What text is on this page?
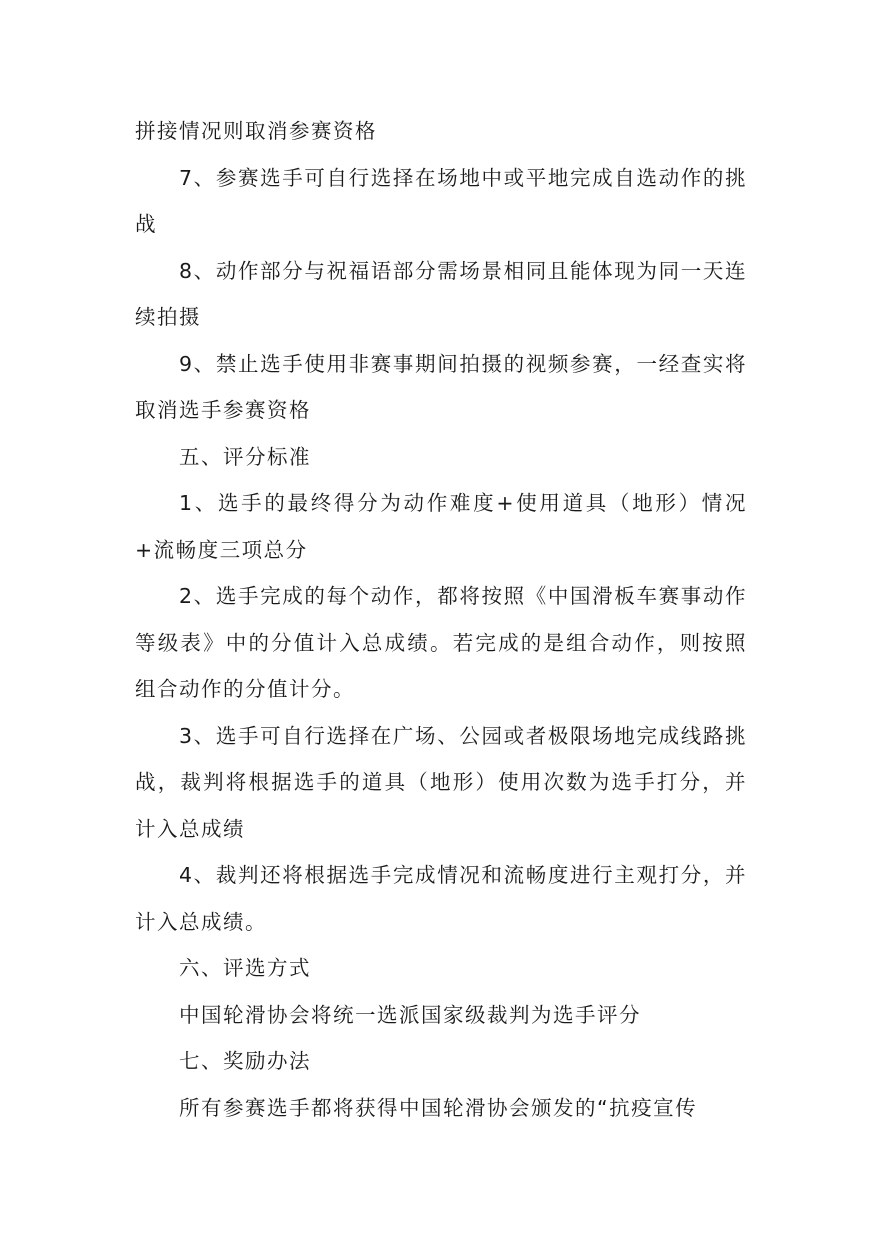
拼接情况则取消参赛资格

7、参赛选手可自行选择在场地中或平地完成自选动作的挑战

8、动作部分与祝福语部分需场景相同且能体现为同一天连续拍摄

9、禁止选手使用非赛事期间拍摄的视频参赛，一经查实将取消选手参赛资格

五、评分标准

1、选手的最终得分为动作难度+使用道具（地形）情况+流畅度三项总分

2、选手完成的每个动作，都将按照《中国滑板车赛事动作等级表》中的分值计入总成绩。若完成的是组合动作，则按照组合动作的分值计分。

3、选手可自行选择在广场、公园或者极限场地完成线路挑战，裁判将根据选手的道具（地形）使用次数为选手打分，并计入总成绩

4、裁判还将根据选手完成情况和流畅度进行主观打分，并计入总成绩。

六、评选方式

中国轮滑协会将统一选派国家级裁判为选手评分

七、奖励办法

所有参赛选手都将获得中国轮滑协会颁发的“抗疫宣传
